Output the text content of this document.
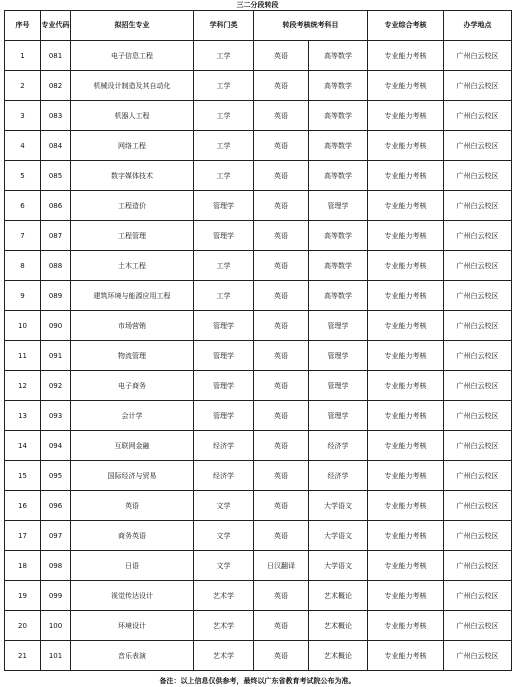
三二分段转段
序号	专业代码	拟招生专业	学科门类	转段考核统考科目		专业综合考核	办学地点
1	081	电子信息工程	工学	英语	高等数学	专业能力考核	广州白云校区
2	082	机械设计制造及其自动化	工学	英语	高等数学	专业能力考核	广州白云校区
3	083	机器人工程	工学	英语	高等数学	专业能力考核	广州白云校区
4	084	网络工程	工学	英语	高等数学	专业能力考核	广州白云校区
5	085	数字媒体技术	工学	英语	高等数学	专业能力考核	广州白云校区
6	086	工程造价	管理学	英语	管理学	专业能力考核	广州白云校区
7	087	工程管理	管理学	英语	高等数学	专业能力考核	广州白云校区
8	088	土木工程	工学	英语	高等数学	专业能力考核	广州白云校区
9	089	建筑环境与能源应用工程	工学	英语	高等数学	专业能力考核	广州白云校区
10	090	市场营销	管理学	英语	管理学	专业能力考核	广州白云校区
11	091	物流管理	管理学	英语	管理学	专业能力考核	广州白云校区
12	092	电子商务	管理学	英语	管理学	专业能力考核	广州白云校区
13	093	会计学	管理学	英语	管理学	专业能力考核	广州白云校区
14	094	互联网金融	经济学	英语	经济学	专业能力考核	广州白云校区
15	095	国际经济与贸易	经济学	英语	经济学	专业能力考核	广州白云校区
16	096	英语	文学	英语	大学语文	专业能力考核	广州白云校区
17	097	商务英语	文学	英语	大学语文	专业能力考核	广州白云校区
18	098	日语	文学	日汉翻译	大学语文	专业能力考核	广州白云校区
19	099	视觉传达设计	艺术学	英语	艺术概论	专业能力考核	广州白云校区
20	100	环境设计	艺术学	英语	艺术概论	专业能力考核	广州白云校区
21	101	音乐表演	艺术学	英语	艺术概论	专业能力考核	广州白云校区
备注：以上信息仅供参考，最终以广东省教育考试院公布为准。
